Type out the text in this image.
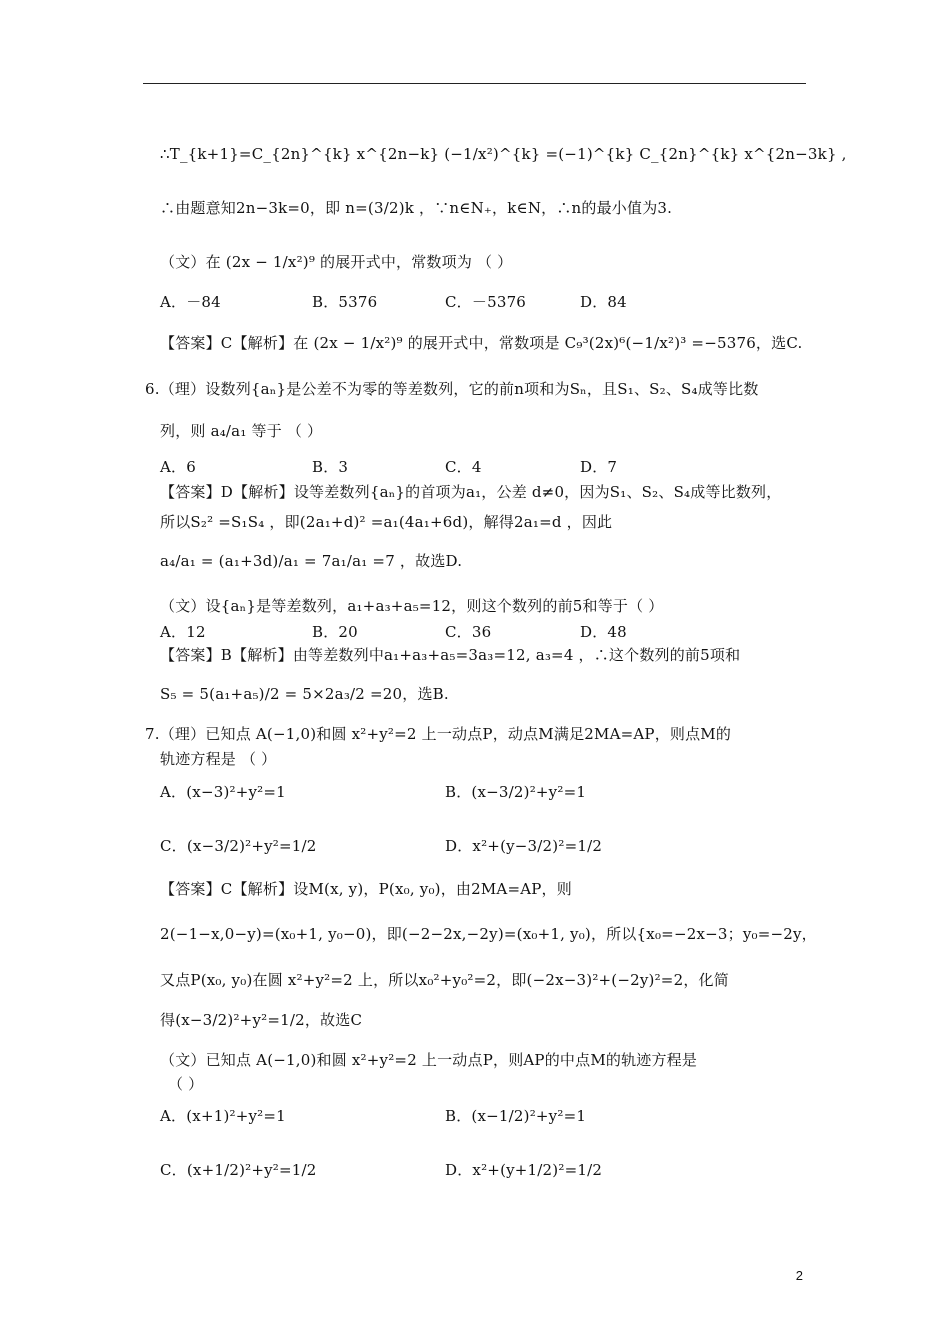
∴T_{k+1}=C_{2n}^{k} x^{2n−k} (−1/x²)^{k} =(−1)^{k} C_{2n}^{k} x^{2n−3k} ,
∴由题意知2n−3k=0，即 n=(3/2)k ，∵n∈N₊，k∈N，∴n的最小值为3.
（文）在 (2x − 1/x²)⁹ 的展开式中，常数项为 （ ）
A．－84	B．5376	C．－5376	D．84
【答案】C【解析】在 (2x − 1/x²)⁹ 的展开式中，常数项是 C₉³(2x)⁶(−1/x²)³ =−5376，选C.
6.（理）设数列{aₙ}是公差不为零的等差数列，它的前n项和为Sₙ，且S₁、S₂、S₄成等比数
列，则 a₄/a₁ 等于 （ ）
A．6	B．3	C．4	D．7
【答案】D【解析】设等差数列{aₙ}的首项为a₁，公差 d≠0，因为S₁、S₂、S₄成等比数列，
所以S₂² =S₁S₄ ，即(2a₁+d)² =a₁(4a₁+6d)，解得2a₁=d ，因此
a₄/a₁ = (a₁+3d)/a₁ = 7a₁/a₁ =7 ，故选D.
（文）设{aₙ}是等差数列，a₁+a₃+a₅=12，则这个数列的前5和等于（ ）
A．12	B．20	C．36	D．48
【答案】B【解析】由等差数列中a₁+a₃+a₅=3a₃=12, a₃=4 ，∴这个数列的前5项和
S₅ = 5(a₁+a₅)/2 = 5×2a₃/2 =20，选B.
7.（理）已知点 A(−1,0)和圆 x²+y²=2 上一动点P，动点M满足2MA=AP，则点M的
轨迹方程是 （ ）
A．(x−3)²+y²=1	B．(x−3/2)²+y²=1
C．(x−3/2)²+y²=1/2	D．x²+(y−3/2)²=1/2
【答案】C【解析】设M(x, y)，P(x₀, y₀)，由2MA=AP，则
2(−1−x,0−y)=(x₀+1, y₀−0)，即(−2−2x,−2y)=(x₀+1, y₀)，所以{x₀=−2x−3；y₀=−2y，
又点P(x₀, y₀)在圆 x²+y²=2 上，所以x₀²+y₀²=2，即(−2x−3)²+(−2y)²=2，化简
得(x−3/2)²+y²=1/2，故选C
（文）已知点 A(−1,0)和圆 x²+y²=2 上一动点P，则AP的中点M的轨迹方程是
（ ）
A．(x+1)²+y²=1	B．(x−1/2)²+y²=1
C．(x+1/2)²+y²=1/2	D．x²+(y+1/2)²=1/2
2
